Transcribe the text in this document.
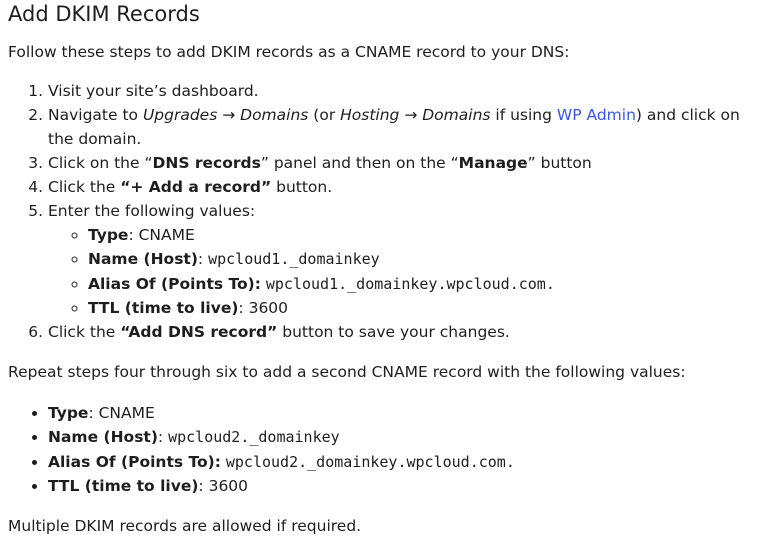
Add DKIM Records

Follow these steps to add DKIM records as a CNAME record to your DNS:

1. Visit your site’s dashboard.
2. Navigate to Upgrades → Domains (or Hosting → Domains if using WP Admin) and click on the domain.
3. Click on the “DNS records” panel and then on the “Manage” button
4. Click the “+ Add a record” button.
5. Enter the following values:
◦ Type: CNAME
◦ Name (Host): wpcloud1._domainkey
◦ Alias Of (Points To): wpcloud1._domainkey.wpcloud.com.
◦ TTL (time to live): 3600
6. Click the “Add DNS record” button to save your changes.

Repeat steps four through six to add a second CNAME record with the following values:

• Type: CNAME
• Name (Host): wpcloud2._domainkey
• Alias Of (Points To): wpcloud2._domainkey.wpcloud.com.
• TTL (time to live): 3600

Multiple DKIM records are allowed if required.
